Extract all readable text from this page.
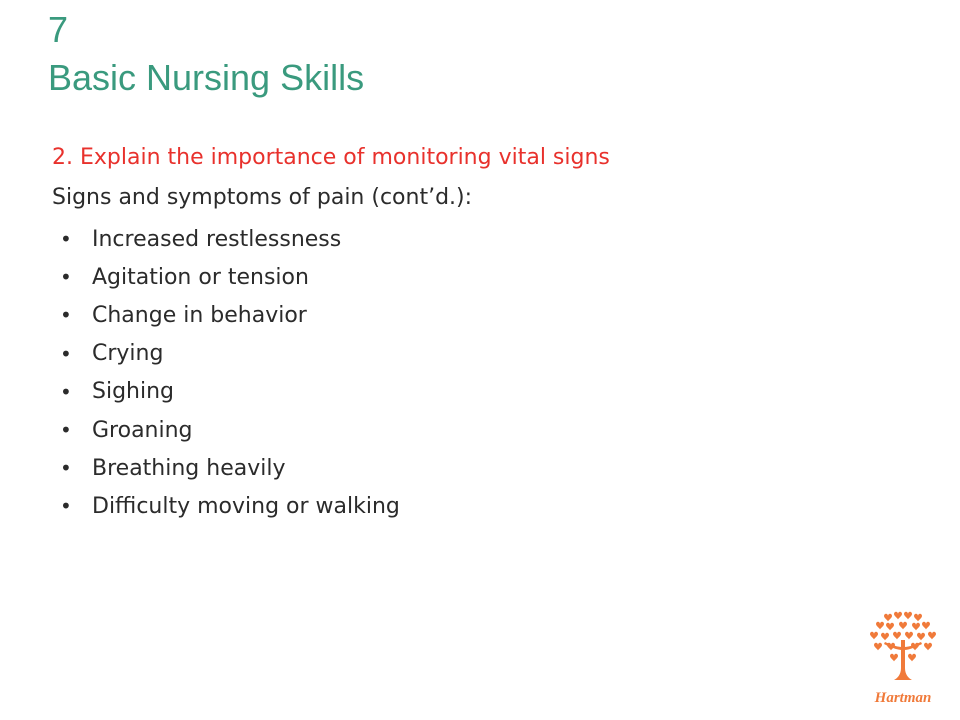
7
Basic Nursing Skills
2. Explain the importance of monitoring vital signs
Signs and symptoms of pain (cont’d.):
• Increased restlessness
• Agitation or tension
• Change in behavior
• Crying
• Sighing
• Groaning
• Breathing heavily
• Difficulty moving or walking
Hartman
